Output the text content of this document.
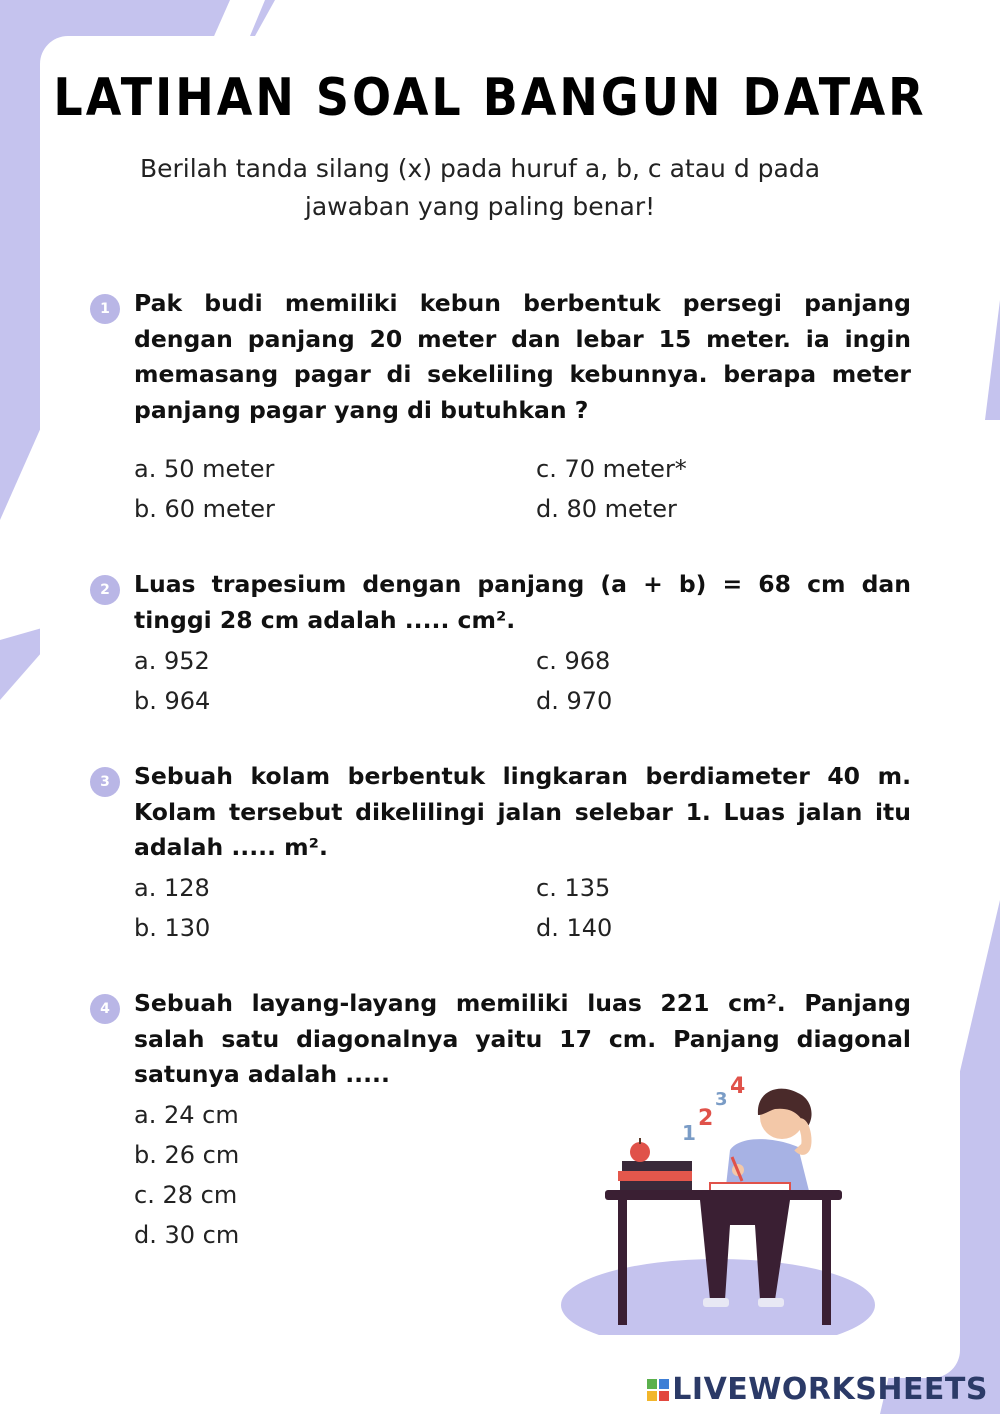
LATIHAN SOAL BANGUN DATAR
Berilah tanda silang (x) pada huruf a, b, c atau d pada jawaban yang paling benar!
1	Pak budi memiliki kebun berbentuk persegi panjang dengan panjang 20 meter dan lebar 15 meter. ia ingin memasang pagar di sekeliling kebunnya. berapa meter panjang pagar yang di butuhkan ?
a. 50 meter
b. 60 meter
c. 70 meter*
d. 80 meter
2	Luas trapesium dengan panjang (a + b) = 68 cm dan tinggi 28 cm adalah ..... cm².
a. 952
b. 964
c. 968
d. 970
3	Sebuah kolam berbentuk lingkaran berdiameter 40 m. Kolam tersebut dikelilingi jalan selebar 1. Luas jalan itu adalah ..... m².
a. 128
b. 130
c. 135
d. 140
4	Sebuah layang-layang memiliki luas 221 cm². Panjang salah satu diagonalnya yaitu 17 cm. Panjang diagonal satunya adalah .....
a. 24 cm
b. 26 cm
c. 28 cm
d. 30 cm
1
2
3
4
LIVEWORKSHEETS
